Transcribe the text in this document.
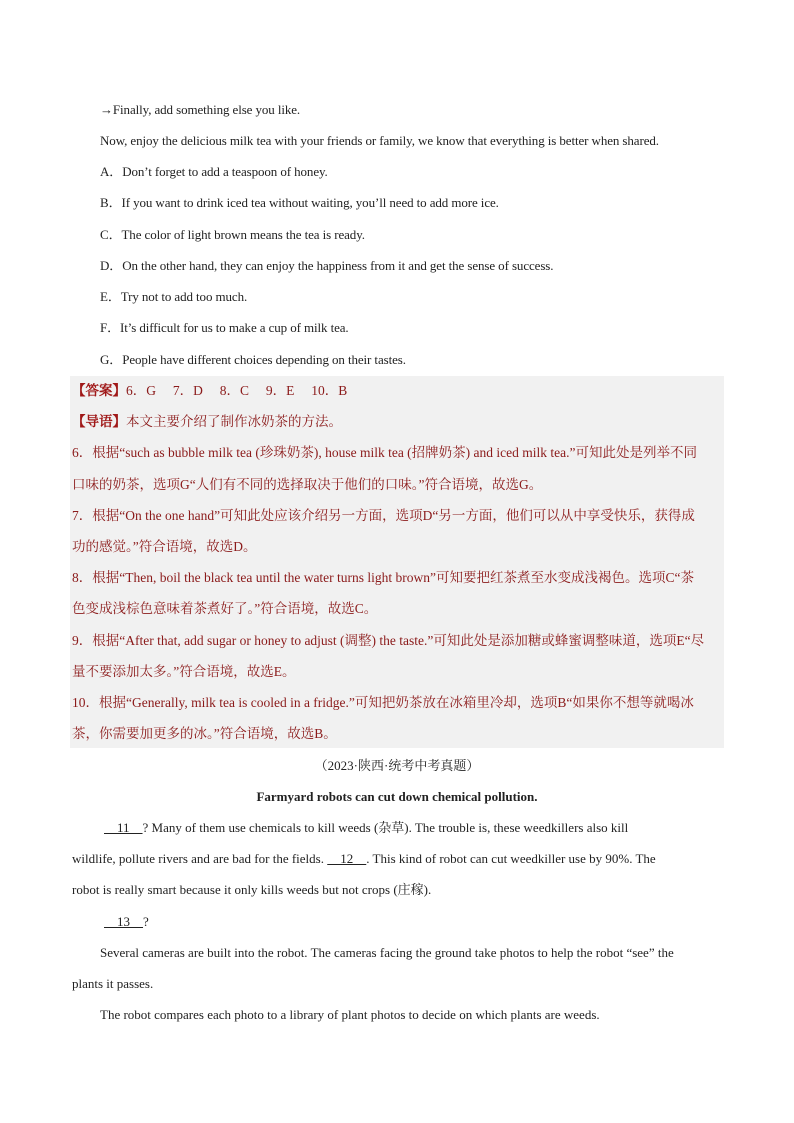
→Finally, add something else you like.
Now, enjoy the delicious milk tea with your friends or family, we know that everything is better when shared.
A．Don’t forget to add a teaspoon of honey.
B．If you want to drink iced tea without waiting, you’ll need to add more ice.
C．The color of light brown means the tea is ready.
D．On the other hand, they can enjoy the happiness from it and get the sense of success.
E．Try not to add too much.
F．It’s difficult for us to make a cup of milk tea.
G．People have different choices depending on their tastes.
【答案】6．G　 7．D　 8．C　 9．E　 10．B
【导语】本文主要介绍了制作冰奶茶的方法。
6．根据“such as bubble milk tea (珍珠奶茶), house milk tea (招牌奶茶) and iced milk tea.”可知此处是列举不同
口味的奶茶，选项G“人们有不同的选择取决于他们的口味。”符合语境，故选G。
7．根据“On the one hand”可知此处应该介绍另一方面，选项D“另一方面，他们可以从中享受快乐，获得成
功的感觉。”符合语境，故选D。
8．根据“Then, boil the black tea until the water turns light brown”可知要把红茶煮至水变成浅褐色。选项C“茶
色变成浅棕色意味着茶煮好了。”符合语境，故选C。
9．根据“After that, add sugar or honey to adjust (调整) the taste.”可知此处是添加糖或蜂蜜调整味道，选项E“尽
量不要添加太多。”符合语境，故选E。
10．根据“Generally, milk tea is cooled in a fridge.”可知把奶茶放在冰箱里冷却，选项B“如果你不想等就喝冰
茶，你需要加更多的冰。”符合语境，故选B。
（2023·陕西·统考中考真题）
Farmyard robots can cut down chemical pollution.
　11　? Many of them use chemicals to kill weeds (杂草). The trouble is, these weedkillers also kill
wildlife, pollute rivers and are bad for the fields. 　12　. This kind of robot can cut weedkiller use by 90%. The
robot is really smart because it only kills weeds but not crops (庄稼).
　13　?
Several cameras are built into the robot. The cameras facing the ground take photos to help the robot “see” the
plants it passes.
The robot compares each photo to a library of plant photos to decide on which plants are weeds.
